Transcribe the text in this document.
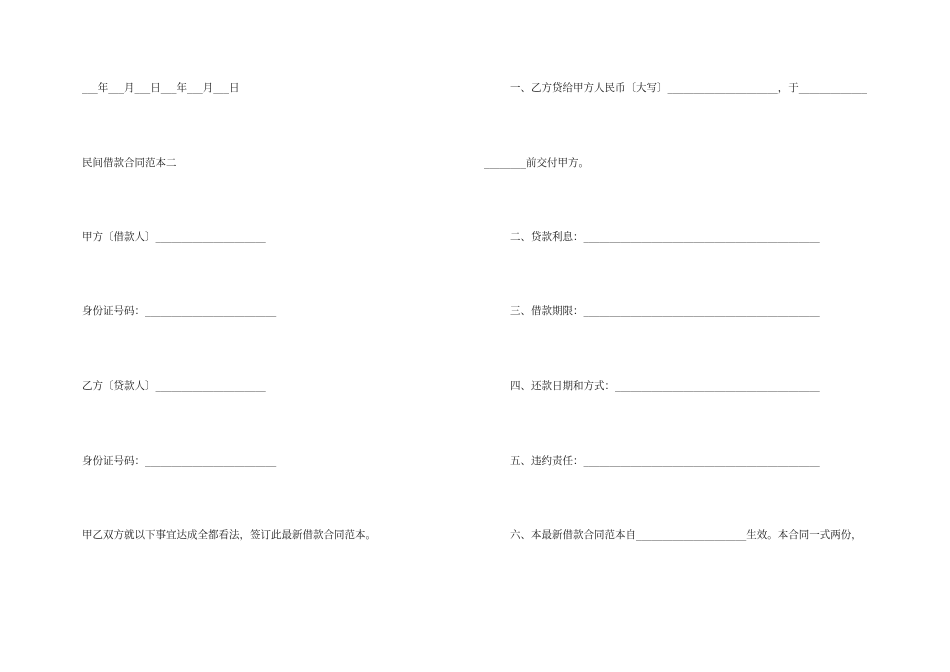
___年___月___日___年___月___日
民间借款合同范本二
甲方〔借款人〕_____________________
身份证号码：_________________________
乙方〔贷款人〕_____________________
身份证号码：_________________________
甲乙双方就以下事宜达成全都看法，签订此最新借款合同范本。
一、乙方贷给甲方人民币〔大写〕_____________________，于_____________
________前交付甲方。
二、贷款利息：_____________________________________________
三、借款期限：_____________________________________________
四、还款日期和方式：_______________________________________
五、违约责任：_____________________________________________
六、本最新借款合同范本自_____________________生效。本合同一式两份，
